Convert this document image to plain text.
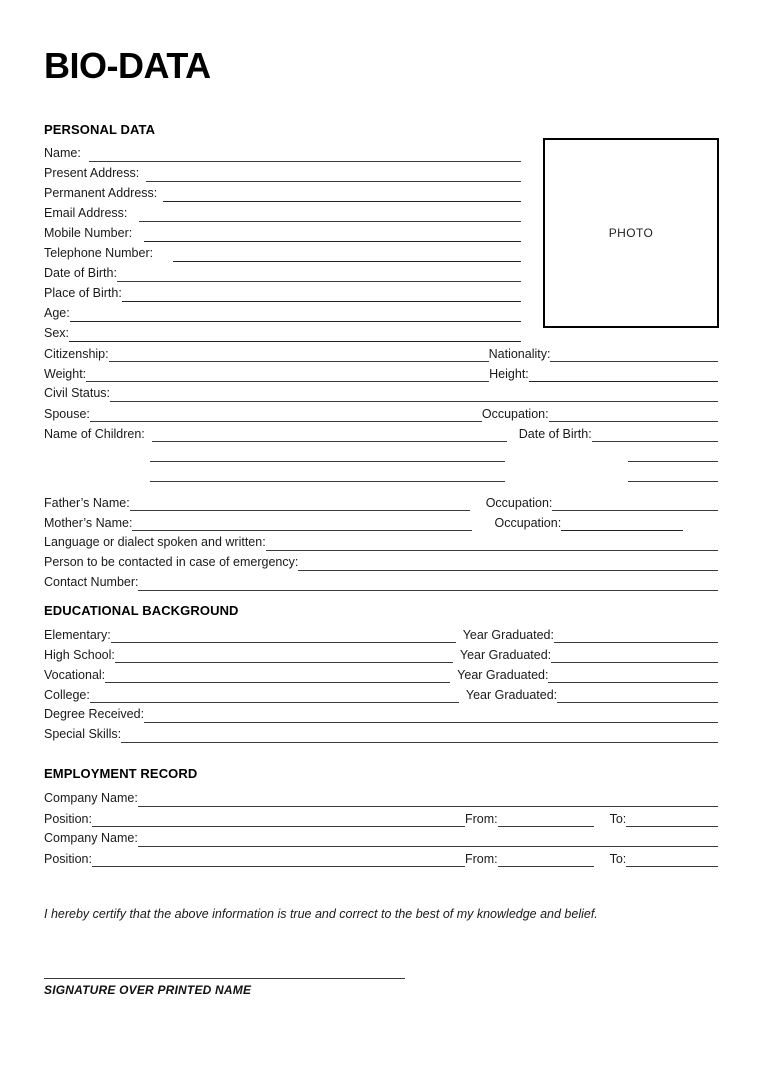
BIO-DATA
PHOTO
PERSONAL DATA
Name:
Present Address:
Permanent Address:
Email Address:
Mobile Number:
Telephone Number:
Date of Birth:
Place of Birth:
Age:
Sex:
Citizenship:	Nationality:
Weight:	Height:
Civil Status:
Spouse:	Occupation:
Name of Children:	Date of Birth:
Father’s Name:	Occupation:
Mother’s Name:	Occupation:
Language or dialect spoken and written:
Person to be contacted in case of emergency:
Contact Number:
EDUCATIONAL BACKGROUND
Elementary:	Year Graduated:
High School:	Year Graduated:
Vocational:	Year Graduated:
College:	Year Graduated:
Degree Received:
Special Skills:
EMPLOYMENT RECORD
Company Name:
Position:	From:	To:
Company Name:
Position:	From:	To:
I hereby certify that the above information is true and correct to the best of my knowledge and belief.
SIGNATURE OVER PRINTED NAME
